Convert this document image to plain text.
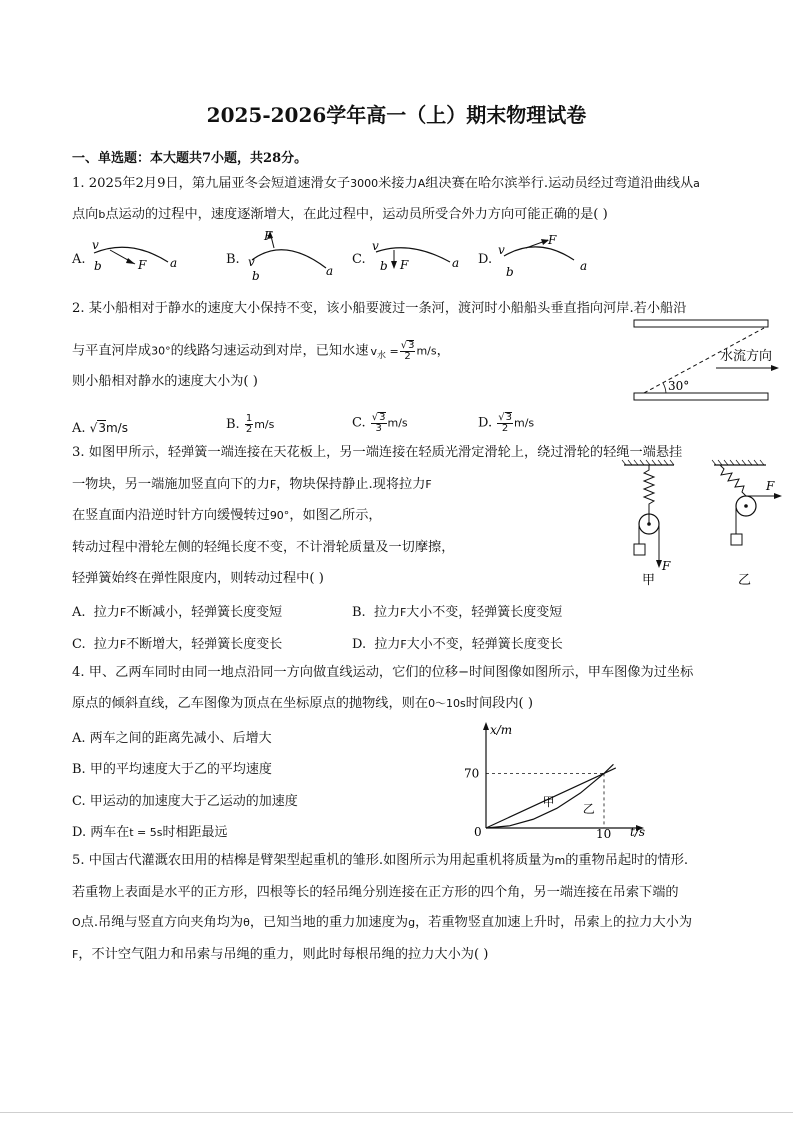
2025-2026学年高一（上）期末物理试卷
一、单选题：本大题共7小题，共28分。
1. 2025年2月9日，第九届亚冬会短道速滑女子3000米接力A组决赛在哈尔滨举行.运动员经过弯道沿曲线从a
点向b点运动的过程中，速度逐渐增大，在此过程中，运动员所受合外力方向可能正确的是( )
A.
v
b	F a	B.
F
v
b	a
C.
v
b F	a D.
v
b
F
a
2. 某小船相对于静水的速度大小保持不变，该小船要渡过一条河，渡河时小船船头垂直指向河岸.若小船沿
与平直河岸成30°的线路匀速运动到对岸，已知水速 $v_水 = \frac{√3}{2} m/s$，
则小船相对静水的速度大小为( )	30°
水流方向
A. √3m/s	B. $\frac{1}{2} m/s$	C. $\frac{√3}{3} m/s$	D. $\frac{√3}{2} m/s$
3. 如图甲所示，轻弹簧一端连接在天花板上，另一端连接在轻质光滑定滑轮上，绕过滑轮的轻绳一端悬挂
一物块，另一端施加竖直向下的力F，物块保持静止.现将拉力F
在竖直面内沿逆时针方向缓慢转过90°，如图乙所示，
转动过程中滑轮左侧的轻绳长度不变，不计滑轮质量及一切摩擦，
轻弹簧始终在弹性限度内，则转动过程中( )
F
甲
F
乙
A. 拉力F不断减小，轻弹簧长度变短	B. 拉力F大小不变，轻弹簧长度变短
C. 拉力F不断增大，轻弹簧长度变长	D. 拉力F大小不变，轻弹簧长度变长
4. 甲、乙两车同时由同一地点沿同一方向做直线运动，它们的位移−时间图像如图所示，甲车图像为过坐标
原点的倾斜直线，乙车图像为顶点在坐标原点的抛物线，则在0～10s时间段内( )
A. 两车之间的距离先减小、后增大
B. 甲的平均速度大于乙的平均速度
C. 甲运动的加速度大于乙运动的加速度
D. 两车在t = 5s时相距最远
x/m
t/s
0
70
10
甲
乙
5. 中国古代灌溉农田用的桔槔是臂架型起重机的雏形.如图所示为用起重机将质量为m的重物吊起时的情形.
若重物上表面是水平的正方形，四根等长的轻吊绳分别连接在正方形的四个角，另一端连接在吊索下端的
O点.吊绳与竖直方向夹角均为θ，已知当地的重力加速度为g，若重物竖直加速上升时，吊索上的拉力大小为
F，不计空气阻力和吊索与吊绳的重力，则此时每根吊绳的拉力大小为( )
